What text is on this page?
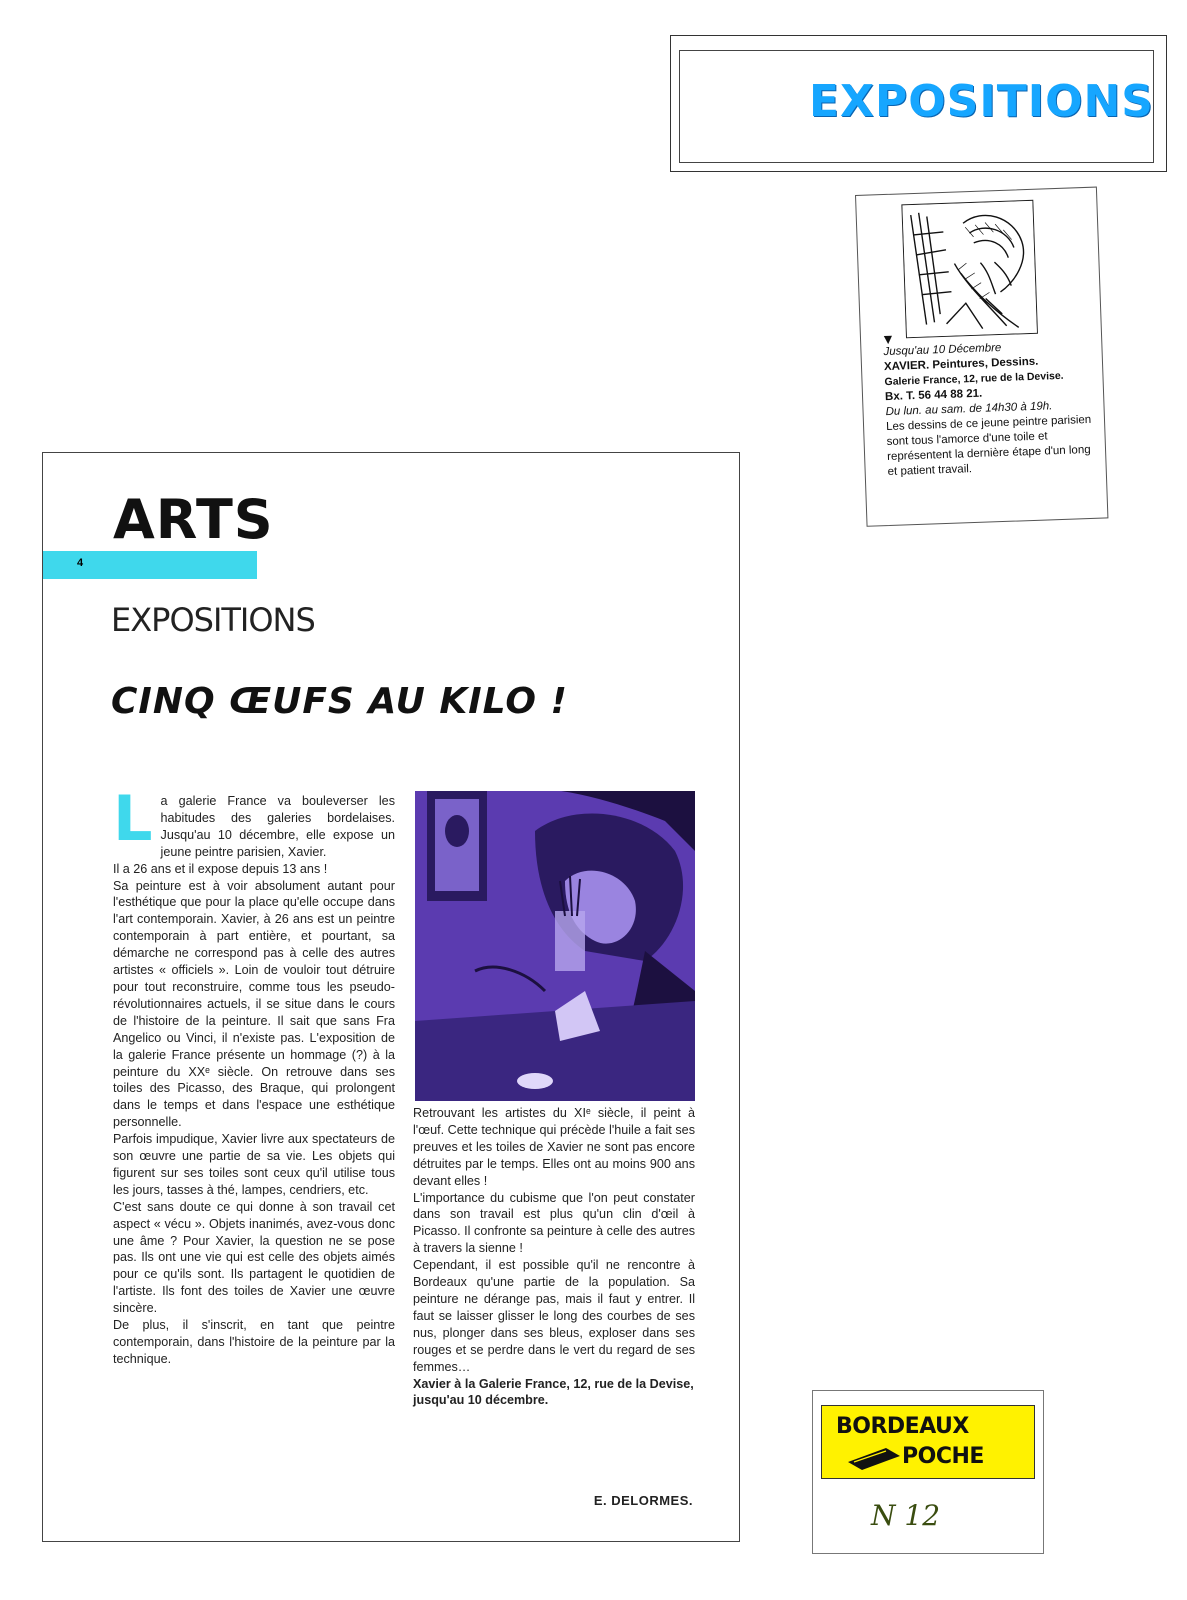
EXPOSITIONS
▼
Jusqu'au 10 Décembre
XAVIER. Peintures, Dessins.
Galerie France, 12, rue de la Devise.
Bx. T. 56 44 88 21.
Du lun. au sam. de 14h30 à 19h.
Les dessins de ce jeune peintre parisien sont tous l'amorce d'une toile et représentent la dernière étape d'un long et patient travail.
ARTS
4
EXPOSITIONS
CINQ ŒUFS AU KILO !
L a galerie France va bouleverser les habitudes des galeries bordelaises. Jusqu'au 10 décembre, elle expose un jeune peintre parisien, Xavier.

Il a 26 ans et il expose depuis 13 ans !

Sa peinture est à voir absolument autant pour l'esthétique que pour la place qu'elle occupe dans l'art contemporain. Xavier, à 26 ans est un peintre contemporain à part entière, et pourtant, sa démarche ne correspond pas à celle des autres artistes « officiels ». Loin de vouloir tout détruire pour tout reconstruire, comme tous les pseudo-révolutionnaires actuels, il se situe dans le cours de l'histoire de la peinture. Il sait que sans Fra Angelico ou Vinci, il n'existe pas. L'exposition de la galerie France présente un hommage (?) à la peinture du XXᵉ siècle. On retrouve dans ses toiles des Picasso, des Braque, qui prolongent dans le temps et dans l'espace une esthétique personnelle.

Parfois impudique, Xavier livre aux spectateurs de son œuvre une partie de sa vie. Les objets qui figurent sur ses toiles sont ceux qu'il utilise tous les jours, tasses à thé, lampes, cendriers, etc.

C'est sans doute ce qui donne à son travail cet aspect « vécu ». Objets inanimés, avez-vous donc une âme ? Pour Xavier, la question ne se pose pas. Ils ont une vie qui est celle des objets aimés pour ce qu'ils sont. Ils partagent le quotidien de l'artiste. Ils font des toiles de Xavier une œuvre sincère.

De plus, il s'inscrit, en tant que peintre contemporain, dans l'histoire de la peinture par la technique.

Retrouvant les artistes du XIᵉ siècle, il peint à l'œuf. Cette technique qui précède l'huile a fait ses preuves et les toiles de Xavier ne sont pas encore détruites par le temps. Elles ont au moins 900 ans devant elles !

L'importance du cubisme que l'on peut constater dans son travail est plus qu'un clin d'œil à Picasso. Il confronte sa peinture à celle des autres à travers la sienne !

Cependant, il est possible qu'il ne rencontre à Bordeaux qu'une partie de la population. Sa peinture ne dérange pas, mais il faut y entrer. Il faut se laisser glisser le long des courbes de ses nus, plonger dans ses bleus, exploser dans ses rouges et se perdre dans le vert du regard de ses femmes…

Xavier à la Galerie France, 12, rue de la Devise, jusqu'au 10 décembre.

E. DELORMES.
BORDEAUX
POCHE
N 12
